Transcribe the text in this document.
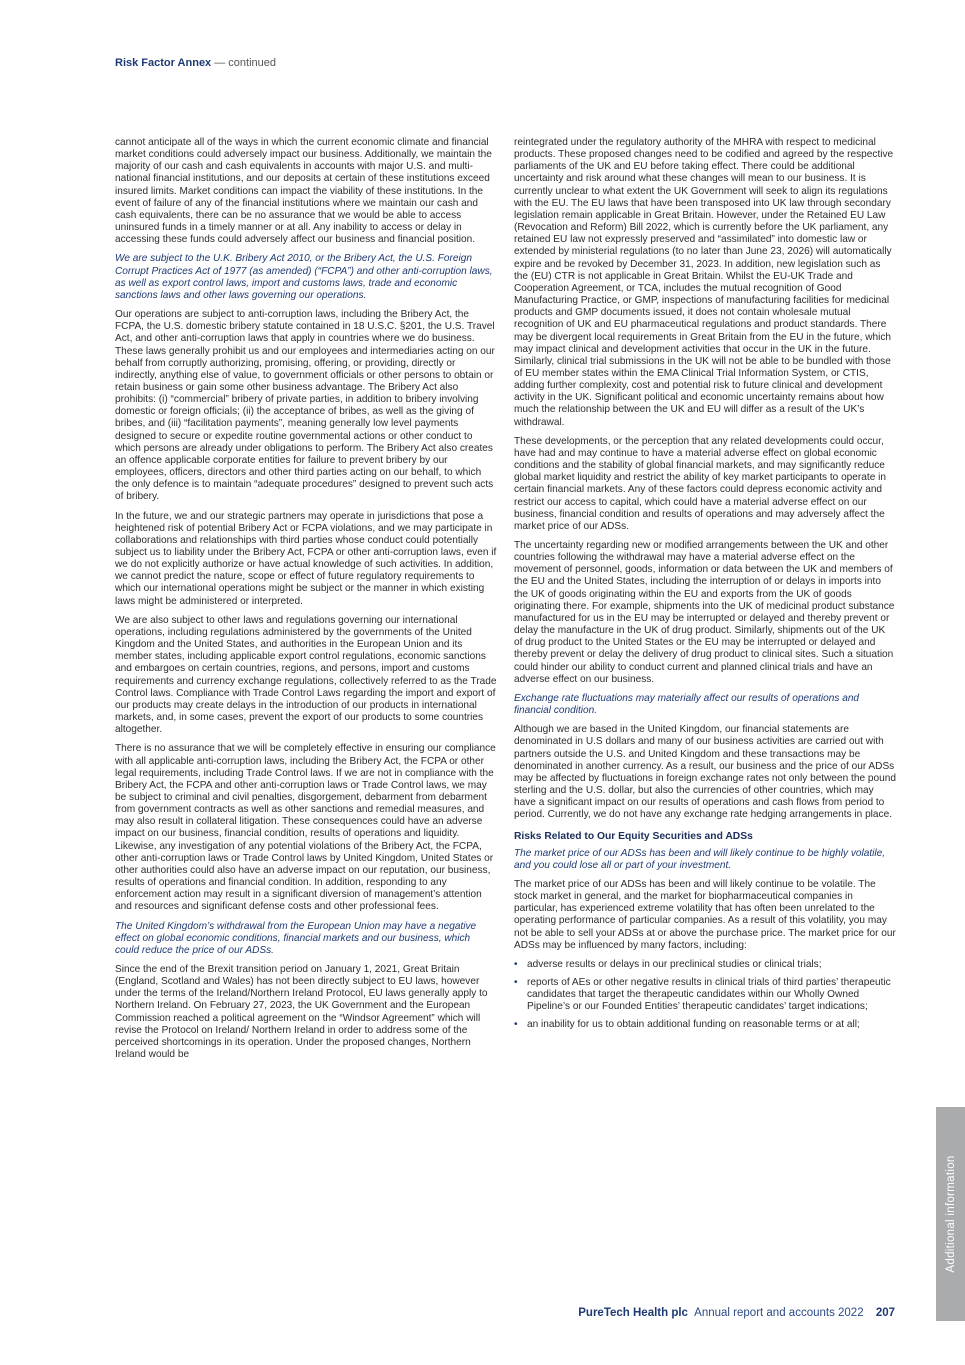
Risk Factor Annex — continued

cannot anticipate all of the ways in which the current economic climate and financial market conditions could adversely impact our business. Additionally, we maintain the majority of our cash and cash equivalents in accounts with major U.S. and multi-national financial institutions, and our deposits at certain of these institutions exceed insured limits. Market conditions can impact the viability of these institutions. In the event of failure of any of the financial institutions where we maintain our cash and cash equivalents, there can be no assurance that we would be able to access uninsured funds in a timely manner or at all. Any inability to access or delay in accessing these funds could adversely affect our business and financial position.

We are subject to the U.K. Bribery Act 2010, or the Bribery Act, the U.S. Foreign Corrupt Practices Act of 1977 (as amended) (“FCPA”) and other anti-corruption laws, as well as export control laws, import and customs laws, trade and economic sanctions laws and other laws governing our operations.

Our operations are subject to anti-corruption laws, including the Bribery Act, the FCPA, the U.S. domestic bribery statute contained in 18 U.S.C. §201, the U.S. Travel Act, and other anti-corruption laws that apply in countries where we do business. These laws generally prohibit us and our employees and intermediaries acting on our behalf from corruptly authorizing, promising, offering, or providing, directly or indirectly, anything else of value, to government officials or other persons to obtain or retain business or gain some other business advantage. The Bribery Act also prohibits: (i) “commercial” bribery of private parties, in addition to bribery involving domestic or foreign officials; (ii) the acceptance of bribes, as well as the giving of bribes, and (iii) “facilitation payments”, meaning generally low level payments designed to secure or expedite routine governmental actions or other conduct to which persons are already under obligations to perform. The Bribery Act also creates an offence applicable corporate entities for failure to prevent bribery by our employees, officers, directors and other third parties acting on our behalf, to which the only defence is to maintain “adequate procedures” designed to prevent such acts of bribery.

In the future, we and our strategic partners may operate in jurisdictions that pose a heightened risk of potential Bribery Act or FCPA violations, and we may participate in collaborations and relationships with third parties whose conduct could potentially subject us to liability under the Bribery Act, FCPA or other anti-corruption laws, even if we do not explicitly authorize or have actual knowledge of such activities. In addition, we cannot predict the nature, scope or effect of future regulatory requirements to which our international operations might be subject or the manner in which existing laws might be administered or interpreted.

We are also subject to other laws and regulations governing our international operations, including regulations administered by the governments of the United Kingdom and the United States, and authorities in the European Union and its member states, including applicable export control regulations, economic sanctions and embargoes on certain countries, regions, and persons, import and customs requirements and currency exchange regulations, collectively referred to as the Trade Control laws. Compliance with Trade Control Laws regarding the import and export of our products may create delays in the introduction of our products in international markets, and, in some cases, prevent the export of our products to some countries altogether.

There is no assurance that we will be completely effective in ensuring our compliance with all applicable anti-corruption laws, including the Bribery Act, the FCPA or other legal requirements, including Trade Control laws. If we are not in compliance with the Bribery Act, the FCPA and other anti-corruption laws or Trade Control laws, we may be subject to criminal and civil penalties, disgorgement, debarment from debarment from government contracts as well as other sanctions and remedial measures, and may also result in collateral litigation. These consequences could have an adverse impact on our business, financial condition, results of operations and liquidity. Likewise, any investigation of any potential violations of the Bribery Act, the FCPA, other anti-corruption laws or Trade Control laws by United Kingdom, United States or other authorities could also have an adverse impact on our reputation, our business, results of operations and financial condition. In addition, responding to any enforcement action may result in a significant diversion of management’s attention and resources and significant defense costs and other professional fees.

The United Kingdom’s withdrawal from the European Union may have a negative effect on global economic conditions, financial markets and our business, which could reduce the price of our ADSs.

Since the end of the Brexit transition period on January 1, 2021, Great Britain (England, Scotland and Wales) has not been directly subject to EU laws, however under the terms of the Ireland/Northern Ireland Protocol, EU laws generally apply to Northern Ireland. On February 27, 2023, the UK Government and the European Commission reached a political agreement on the “Windsor Agreement” which will revise the Protocol on Ireland/ Northern Ireland in order to address some of the perceived shortcomings in its operation. Under the proposed changes, Northern Ireland would be

reintegrated under the regulatory authority of the MHRA with respect to medicinal products. These proposed changes need to be codified and agreed by the respective parliaments of the UK and EU before taking effect. There could be additional uncertainty and risk around what these changes will mean to our business. It is currently unclear to what extent the UK Government will seek to align its regulations with the EU. The EU laws that have been transposed into UK law through secondary legislation remain applicable in Great Britain. However, under the Retained EU Law (Revocation and Reform) Bill 2022, which is currently before the UK parliament, any retained EU law not expressly preserved and “assimilated” into domestic law or extended by ministerial regulations (to no later than June 23, 2026) will automatically expire and be revoked by December 31, 2023. In addition, new legislation such as the (EU) CTR is not applicable in Great Britain. Whilst the EU-UK Trade and Cooperation Agreement, or TCA, includes the mutual recognition of Good Manufacturing Practice, or GMP, inspections of manufacturing facilities for medicinal products and GMP documents issued, it does not contain wholesale mutual recognition of UK and EU pharmaceutical regulations and product standards. There may be divergent local requirements in Great Britain from the EU in the future, which may impact clinical and development activities that occur in the UK in the future. Similarly, clinical trial submissions in the UK will not be able to be bundled with those of EU member states within the EMA Clinical Trial Information System, or CTIS, adding further complexity, cost and potential risk to future clinical and development activity in the UK. Significant political and economic uncertainty remains about how much the relationship between the UK and EU will differ as a result of the UK’s withdrawal.

These developments, or the perception that any related developments could occur, have had and may continue to have a material adverse effect on global economic conditions and the stability of global financial markets, and may significantly reduce global market liquidity and restrict the ability of key market participants to operate in certain financial markets. Any of these factors could depress economic activity and restrict our access to capital, which could have a material adverse effect on our business, financial condition and results of operations and may adversely affect the market price of our ADSs.

The uncertainty regarding new or modified arrangements between the UK and other countries following the withdrawal may have a material adverse effect on the movement of personnel, goods, information or data between the UK and members of the EU and the United States, including the interruption of or delays in imports into the UK of goods originating within the EU and exports from the UK of goods originating there. For example, shipments into the UK of medicinal product substance manufactured for us in the EU may be interrupted or delayed and thereby prevent or delay the manufacture in the UK of drug product. Similarly, shipments out of the UK of drug product to the United States or the EU may be interrupted or delayed and thereby prevent or delay the delivery of drug product to clinical sites. Such a situation could hinder our ability to conduct current and planned clinical trials and have an adverse effect on our business.

Exchange rate fluctuations may materially affect our results of operations and financial condition.

Although we are based in the United Kingdom, our financial statements are denominated in U.S dollars and many of our business activities are carried out with partners outside the U.S. and United Kingdom and these transactions may be denominated in another currency. As a result, our business and the price of our ADSs may be affected by fluctuations in foreign exchange rates not only between the pound sterling and the U.S. dollar, but also the currencies of other countries, which may have a significant impact on our results of operations and cash flows from period to period. Currently, we do not have any exchange rate hedging arrangements in place.

Risks Related to Our Equity Securities and ADSs

The market price of our ADSs has been and will likely continue to be highly volatile, and you could lose all or part of your investment.

The market price of our ADSs has been and will likely continue to be volatile. The stock market in general, and the market for biopharmaceutical companies in particular, has experienced extreme volatility that has often been unrelated to the operating performance of particular companies. As a result of this volatility, you may not be able to sell your ADSs at or above the purchase price. The market price for our ADSs may be influenced by many factors, including:

• adverse results or delays in our preclinical studies or clinical trials;
• reports of AEs or other negative results in clinical trials of third parties’ therapeutic candidates that target the therapeutic candidates within our Wholly Owned Pipeline’s or our Founded Entities’ therapeutic candidates’ target indications;
• an inability for us to obtain additional funding on reasonable terms or at all;
PureTech Health plc Annual report and accounts 2022 207
Additional information
